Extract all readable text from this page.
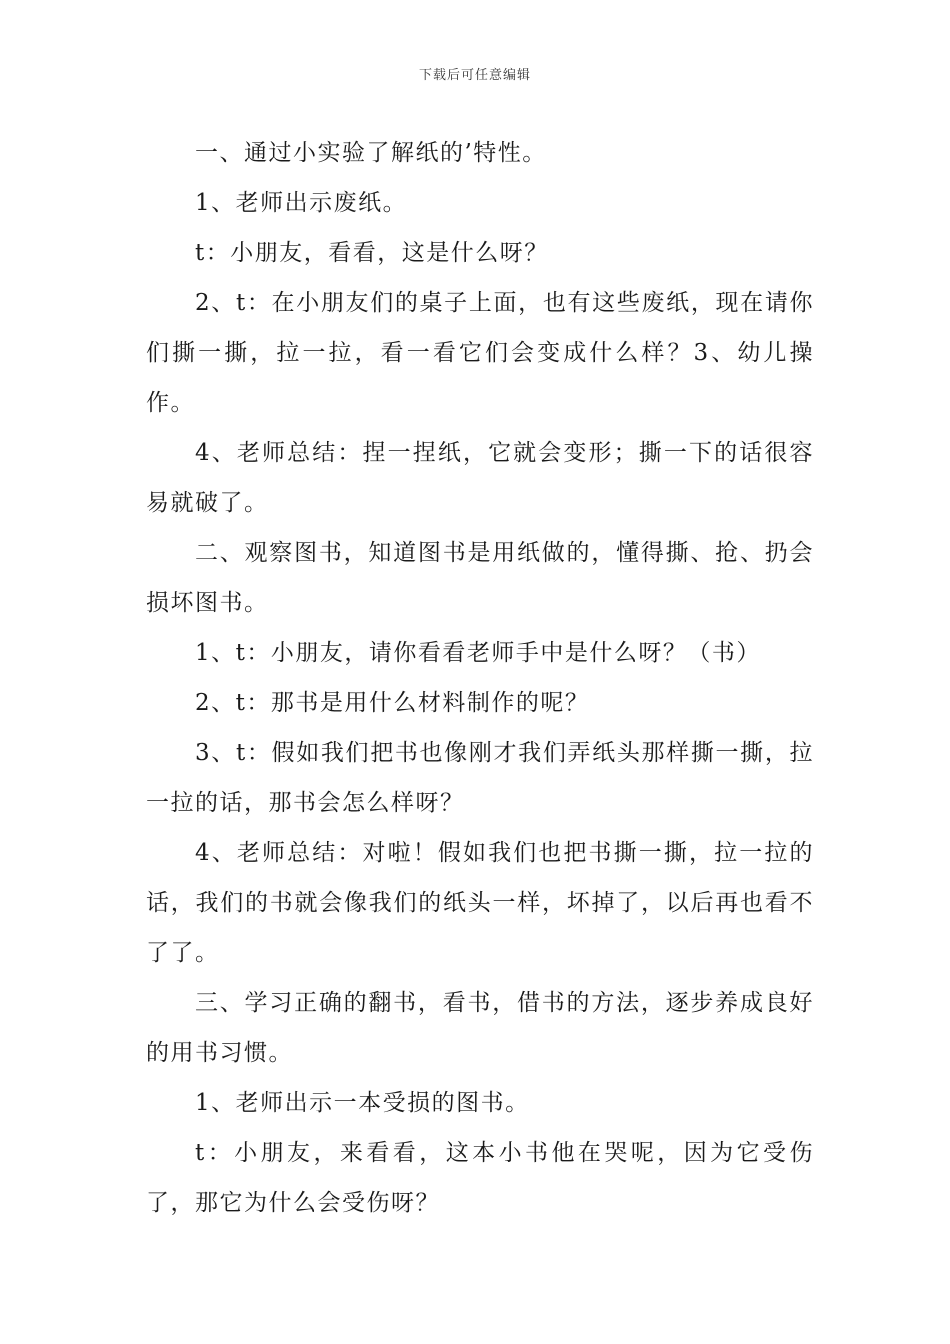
下载后可任意编辑

一、通过小实验了解纸的’特性。

1、老师出示废纸。

t：小朋友，看看，这是什么呀？

2、t：在小朋友们的桌子上面，也有这些废纸，现在请你们撕一撕，拉一拉，看一看它们会变成什么样？3、幼儿操作。

4、老师总结：捏一捏纸，它就会变形；撕一下的话很容易就破了。

二、观察图书，知道图书是用纸做的，懂得撕、抢、扔会损坏图书。

1、t：小朋友，请你看看老师手中是什么呀？（书）

2、t：那书是用什么材料制作的呢？

3、t：假如我们把书也像刚才我们弄纸头那样撕一撕，拉一拉的话，那书会怎么样呀？

4、老师总结：对啦！假如我们也把书撕一撕，拉一拉的话，我们的书就会像我们的纸头一样，坏掉了，以后再也看不了了。

三、学习正确的翻书，看书，借书的方法，逐步养成良好的用书习惯。

1、老师出示一本受损的图书。

t：小朋友，来看看，这本小书他在哭呢，因为它受伤了，那它为什么会受伤呀？
